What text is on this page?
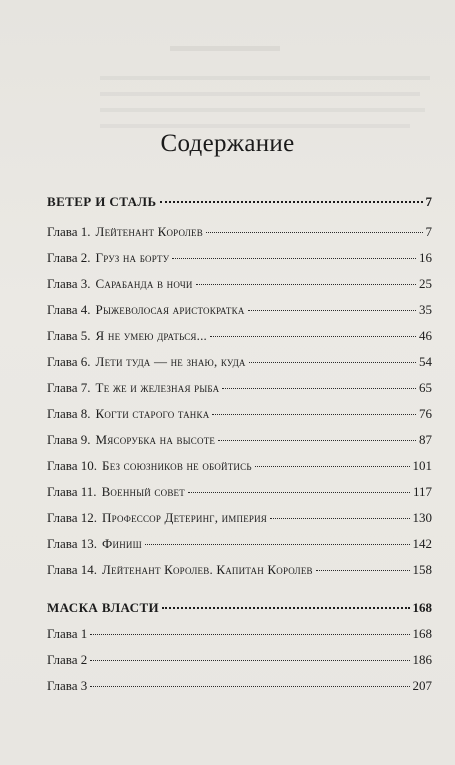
Содержание
ВЕТЕР И СТАЛЬ	7
Глава 1. Лейтенант Королев	7
Глава 2. Груз на борту	16
Глава 3. Сарабанда в ночи	25
Глава 4. Рыжеволосая аристократка	35
Глава 5. Я не умею драться...	46
Глава 6. Лети туда — не знаю, куда	54
Глава 7. Те же и железная рыба	65
Глава 8. Когти старого танка	76
Глава 9. Мясорубка на высоте	87
Глава 10. Без союзников не обойтись	101
Глава 11. Военный совет	117
Глава 12. Профессор Детеринг, империя	130
Глава 13. Финиш	142
Глава 14. Лейтенант Королев. Капитан Королев	158
МАСКА ВЛАСТИ	168
Глава 1	168
Глава 2	186
Глава 3	207
